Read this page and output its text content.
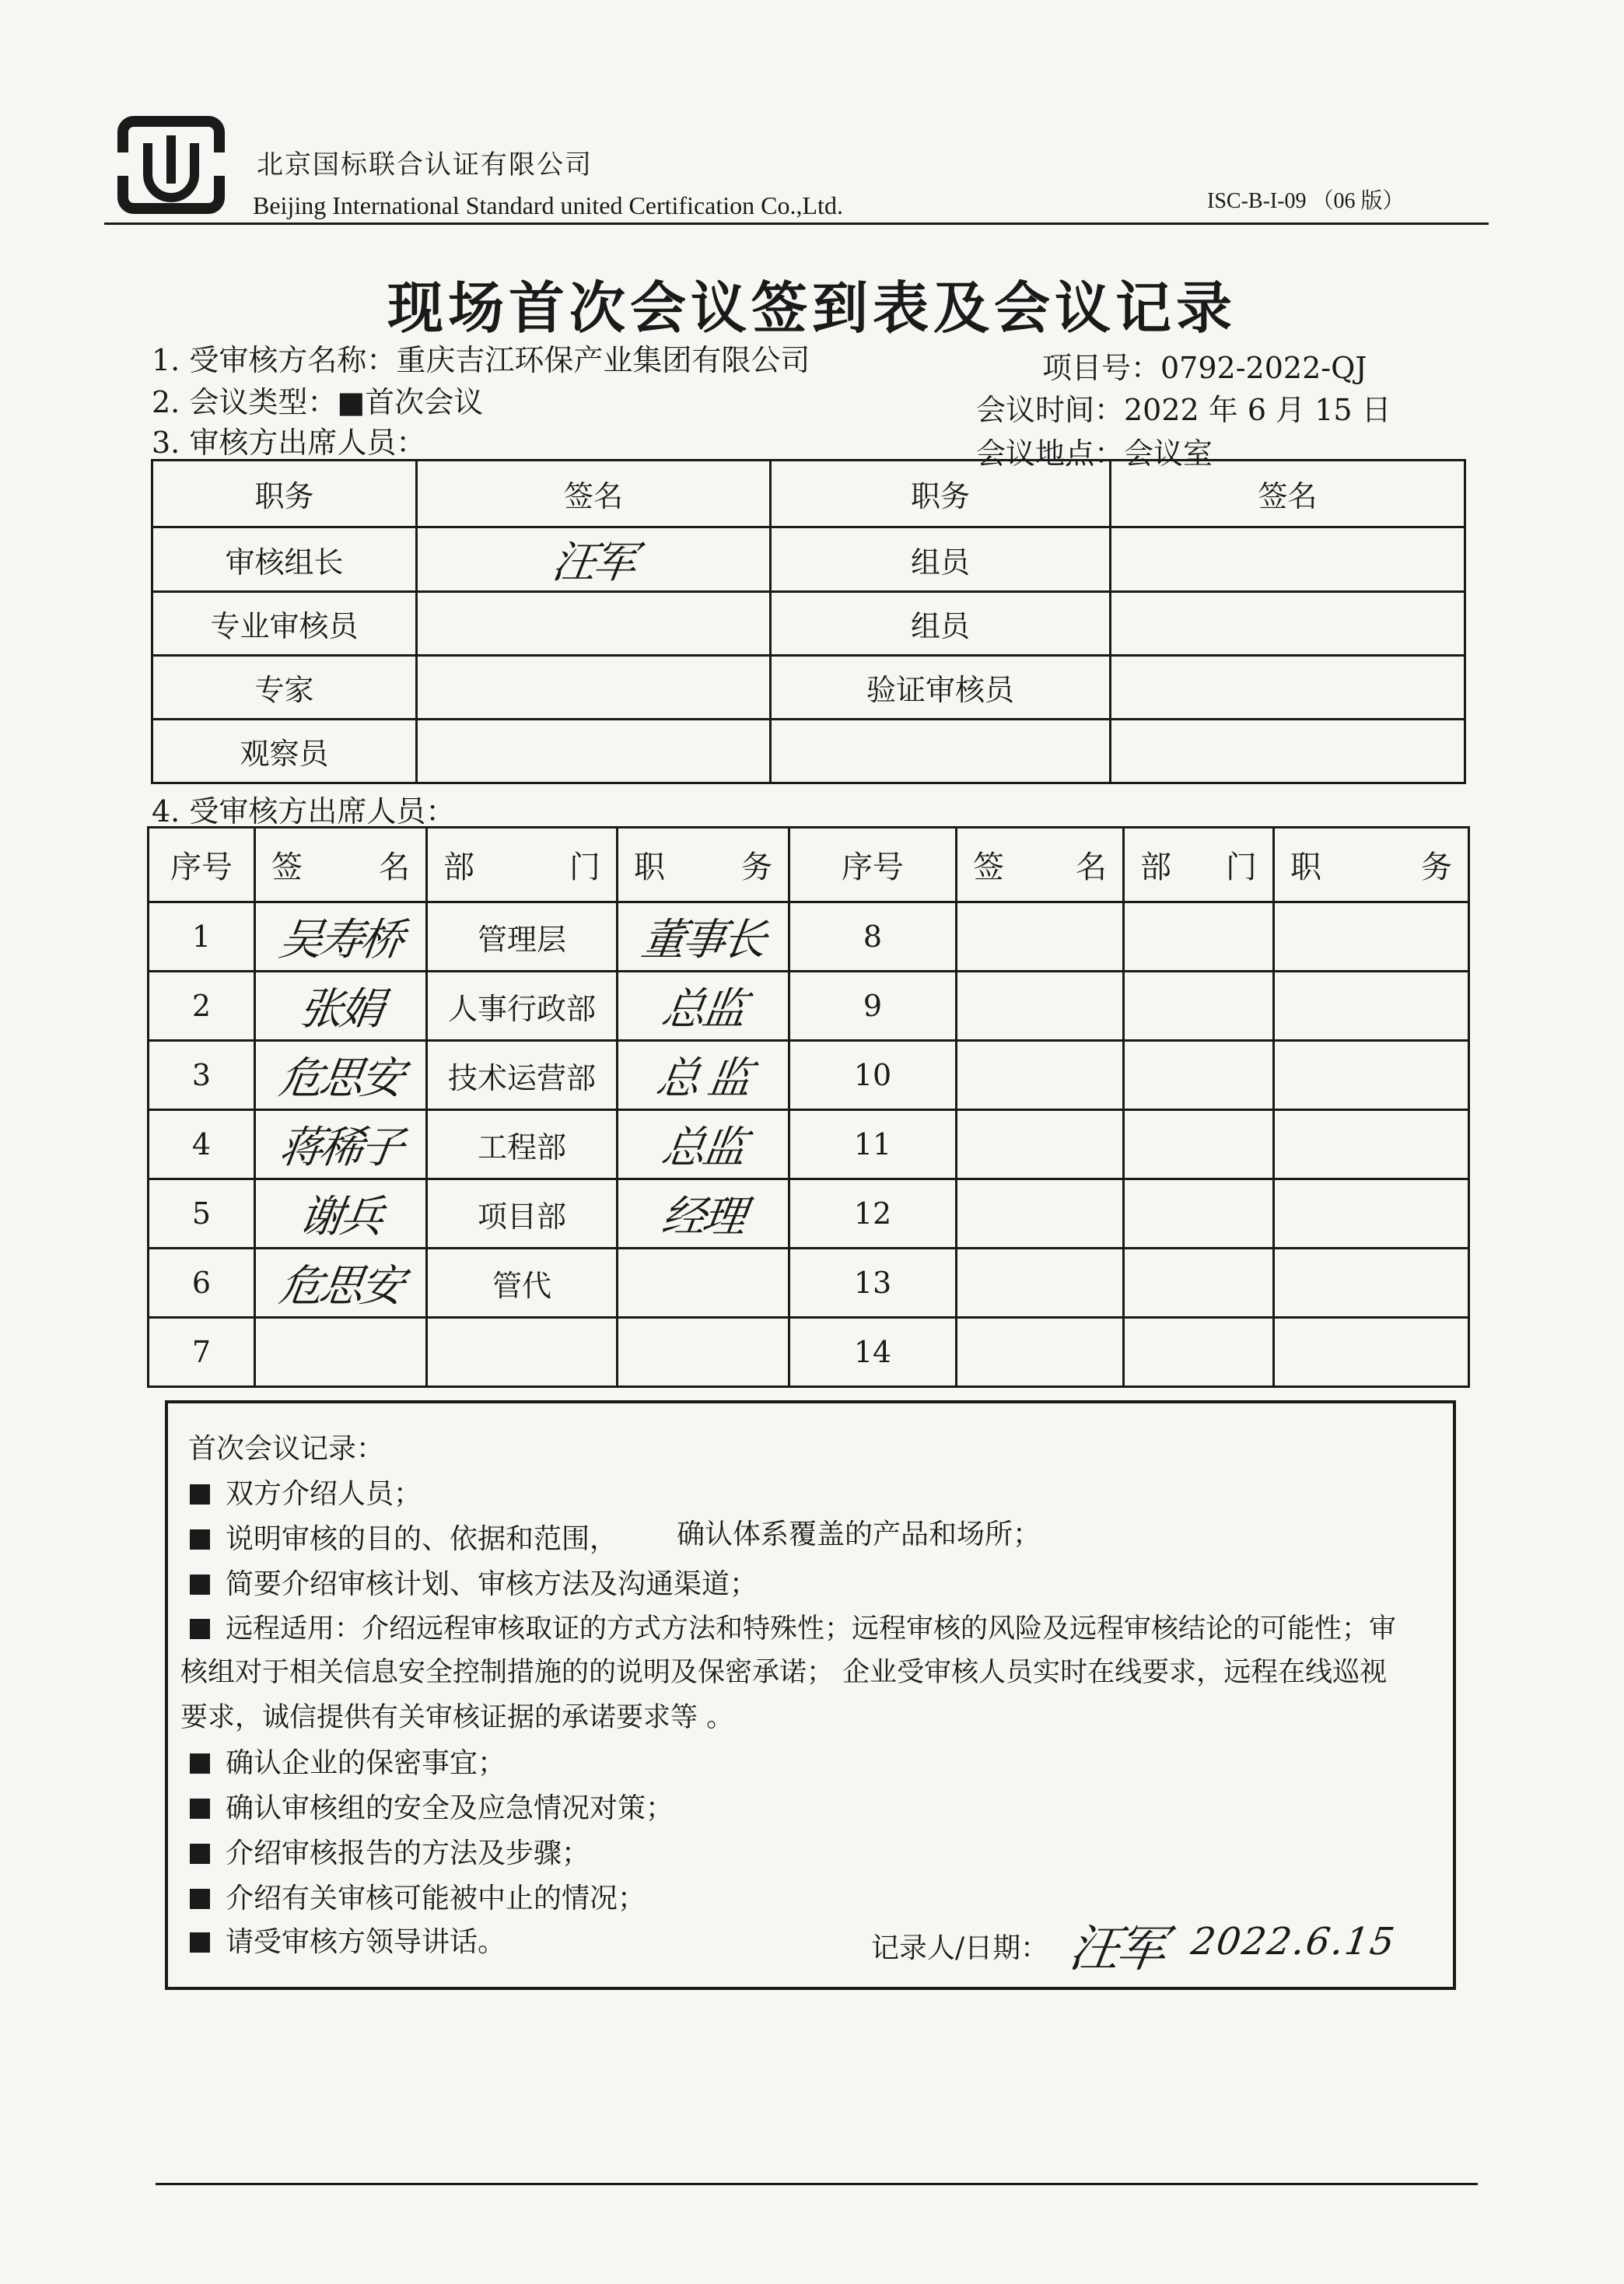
北京国标联合认证有限公司
Beijing International Standard united Certification Co.,Ltd.	ISC-B-I-09 （06 版）
现场首次会议签到表及会议记录
1. 受审核方名称：重庆吉江环保产业集团有限公司	项目号：0792-2022-QJ
2. 会议类型：■首次会议	会议时间：2022 年 6 月 15 日
3. 审核方出席人员：	会议地点：会议室
职务	签名	职务	签名
审核组长	汪军	组员	
专业审核员		组员	
专家		验证审核员	
观察员			
4. 受审核方出席人员：
序号	签 名	部 门	职 务	序号	签 名	部 门	职 务

1	吴寿桥	管理层	董事长	8			
2	张娟	人事行政部	总监	9			
3	危思安	技术运营部	总 监	10			
4	蒋稀子	工程部	总监	11			
5	谢兵	项目部	经理	12			
6	危思安	管代		13			
7				14			
首次会议记录：
双方介绍人员；
说明审核的目的、依据和范围， 确认体系覆盖的产品和场所；
简要介绍审核计划、审核方法及沟通渠道；
远程适用：介绍远程审核取证的方式方法和特殊性；远程审核的风险及远程审核结论的可能性；审
核组对于相关信息安全控制措施的的说明及保密承诺； 企业受审核人员实时在线要求，远程在线巡视
要求，诚信提供有关审核证据的承诺要求等 。
确认企业的保密事宜；
确认审核组的安全及应急情况对策；
介绍审核报告的方法及步骤；
介绍有关审核可能被中止的情况；
请受审核方领导讲话。	记录人/日期： 汪军 2022.6.15
